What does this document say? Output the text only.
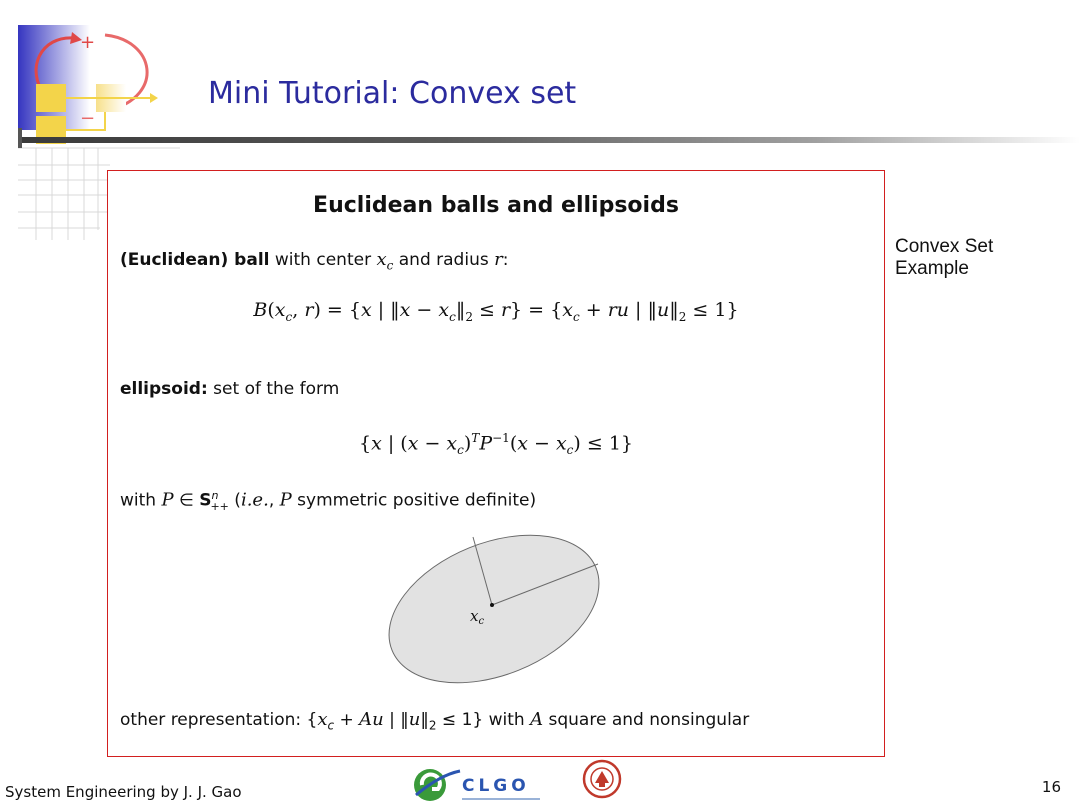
+
−
Mini Tutorial: Convex set
Euclidean balls and ellipsoids
(Euclidean) ball with center $x_c$ and radius r:
$B(x_c$, r) = {x | ‖x − $x_c‖_2 \le r\} = \{x_c$ + ru | $‖u‖_2 \le 1$}
ellipsoid: set of the form
{x | $(x - x_c)^TP^{-1}(x - x_c) \le 1$}
with P ∈ $S^n_{++}$ (i.e., P symmetric positive definite)
$x_c$
other representation: {$x_c + Au$ | $‖u‖_2 \le 1$} with A square and nonsingular
Convex Set Example
System Engineering by J. J. Gao	CLGO	16
